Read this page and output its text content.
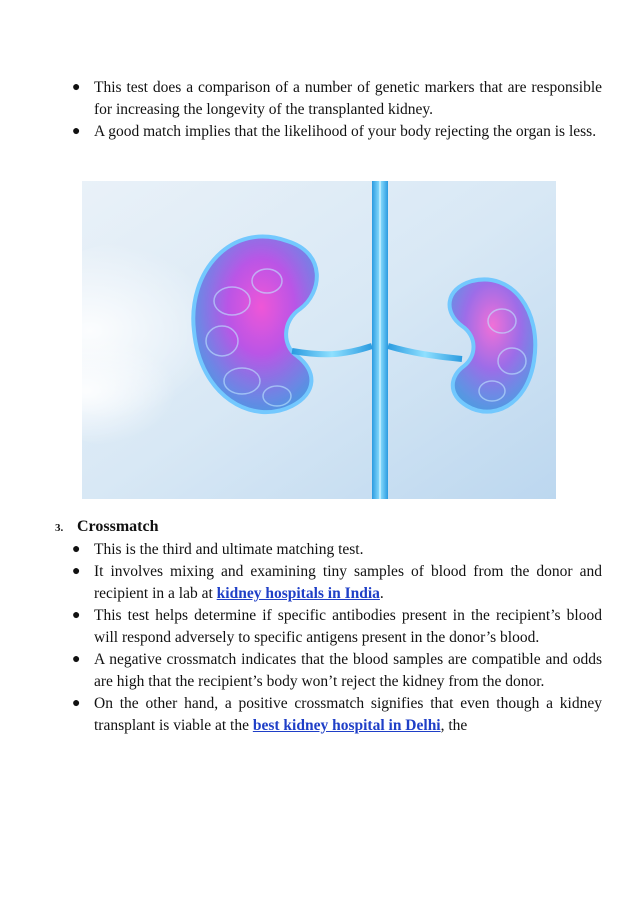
● This test does a comparison of a number of genetic markers that are responsible for increasing the longevity of the transplanted kidney.
● A good match implies that the likelihood of your body rejecting the organ is less.
3. Crossmatch
● This is the third and ultimate matching test.
● It involves mixing and examining tiny samples of blood from the donor and recipient in a lab at kidney hospitals in India.
● This test helps determine if specific antibodies present in the recipient’s blood will respond adversely to specific antigens present in the donor’s blood.
● A negative crossmatch indicates that the blood samples are compatible and odds are high that the recipient’s body won’t reject the kidney from the donor.
● On the other hand, a positive crossmatch signifies that even though a kidney transplant is viable at the best kidney hospital in Delhi, the
